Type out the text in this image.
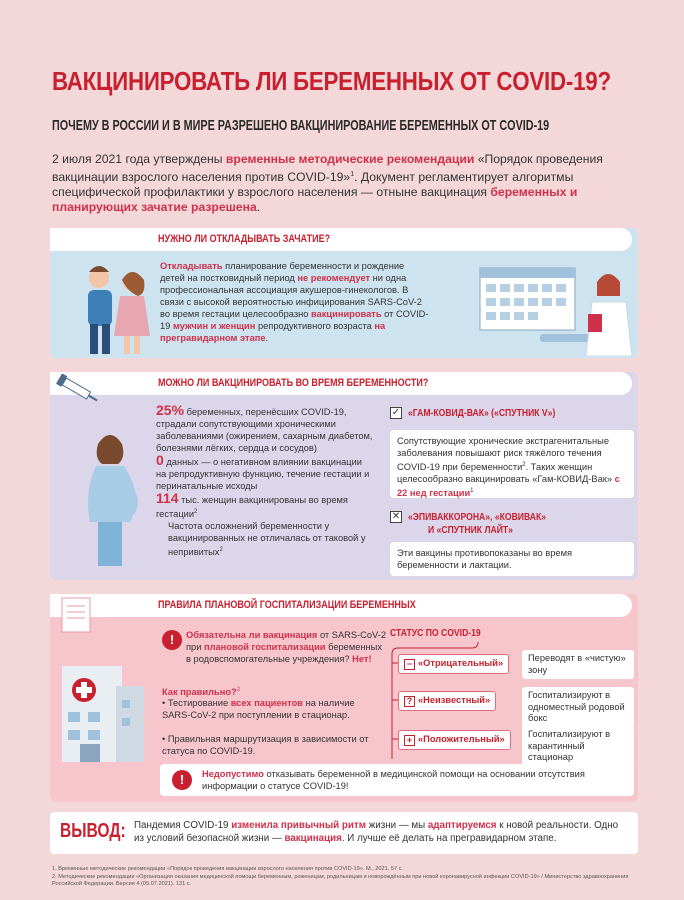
ВАКЦИНИРОВАТЬ ЛИ БЕРЕМЕННЫХ ОТ COVID-19?
ПОЧЕМУ В РОССИИ И В МИРЕ РАЗРЕШЕНО ВАКЦИНИРОВАНИЕ БЕРЕМЕННЫХ ОТ COVID-19
2 июля 2021 года утверждены временные методические рекомендации «Порядок проведения вакцинации взрослого населения против COVID-19»$^1$. Документ регламентирует алгоритмы специфической профилактики у взрослого населения — отныне вакцинация беременных и планирующих зачатие разрешена.
НУЖНО ЛИ ОТКЛАДЫВАТЬ ЗАЧАТИЕ?
Откладывать планирование беременности и рождение детей на постковидный период не рекомендует ни одна профессиональная ассоциация акушеров-гинекологов. В связи с высокой вероятностью инфицирования SARS-CoV-2 во время гестации целесообразно вакцинировать от COVID-19 мужчин и женщин репродуктивного возраста на прегравидарном этапе.
МОЖНО ЛИ ВАКЦИНИРОВАТЬ ВО ВРЕМЯ БЕРЕМЕННОСТИ?
25% беременных, перенёсших COVID-19, страдали сопутствующими хроническими заболеваниями (ожирением, сахарным диабетом, болезнями лёгких, сердца и сосудов)
0 данных — о негативном влиянии вакцинации на репродуктивную функцию, течение гестации и перинатальные исходы
114 тыс. женщин вакцинированы во время гестации$^2$
Частота осложнений беременности у вакцинированных не отличалась от таковой у непривитых$^2$
✓ «ГАМ-КОВИД-ВАК» («СПУТНИК V»)
Сопутствующие хронические экстрагенитальные заболевания повышают риск тяжёлого течения COVID-19 при беременности$^2$. Таких женщин целесообразно вакцинировать «Гам-КОВИД-Вак» с 22 нед гестации$^1$
✕ «ЭПИВАККОРОНА», «КОВИВАК»
И «СПУТНИК ЛАЙТ»
Эти вакцины противопоказаны во время беременности и лактации.
ПРАВИЛА ПЛАНОВОЙ ГОСПИТАЛИЗАЦИИ БЕРЕМЕННЫХ
!	Обязательна ли вакцинация от SARS-CoV-2 при плановой госпитализации беременных в родовспомогательные учреждения? Нет!
Как правильно?$^2$
• Тестирование всех пациентов на наличие SARS-CoV-2 при поступлении в стационар.
• Правильная маршрутизация в зависимости от статуса по COVID-19.
СТАТУС ПО COVID-19
− «Отрицательный»	Переводят в «чистую» зону
? «Неизвестный»	Госпитализируют в одноместный родовой бокс
+ «Положительный»	Госпитализируют в карантинный стационар
!	Недопустимо отказывать беременной в медицинской помощи на основании отсутствия информации о статусе COVID-19!
ВЫВОД: Пандемия COVID-19 изменила привычный ритм жизни — мы адаптируемся к новой реальности. Одно из условий безопасной жизни — вакцинация. И лучше её делать на прегравидарном этапе.
1. Временные методические рекомендации «Порядок проведения вакцинации взрослого населения против COVID-19». М., 2021. 57 с.
2. Методические рекомендации «Организация оказания медицинской помощи беременным, роженицам, родильницам и новорождённым при новой коронавирусной инфекции COVID-19» / Министерство здравоохранения Российской Федерации. Версия 4 (05.07.2021). 131 с.
